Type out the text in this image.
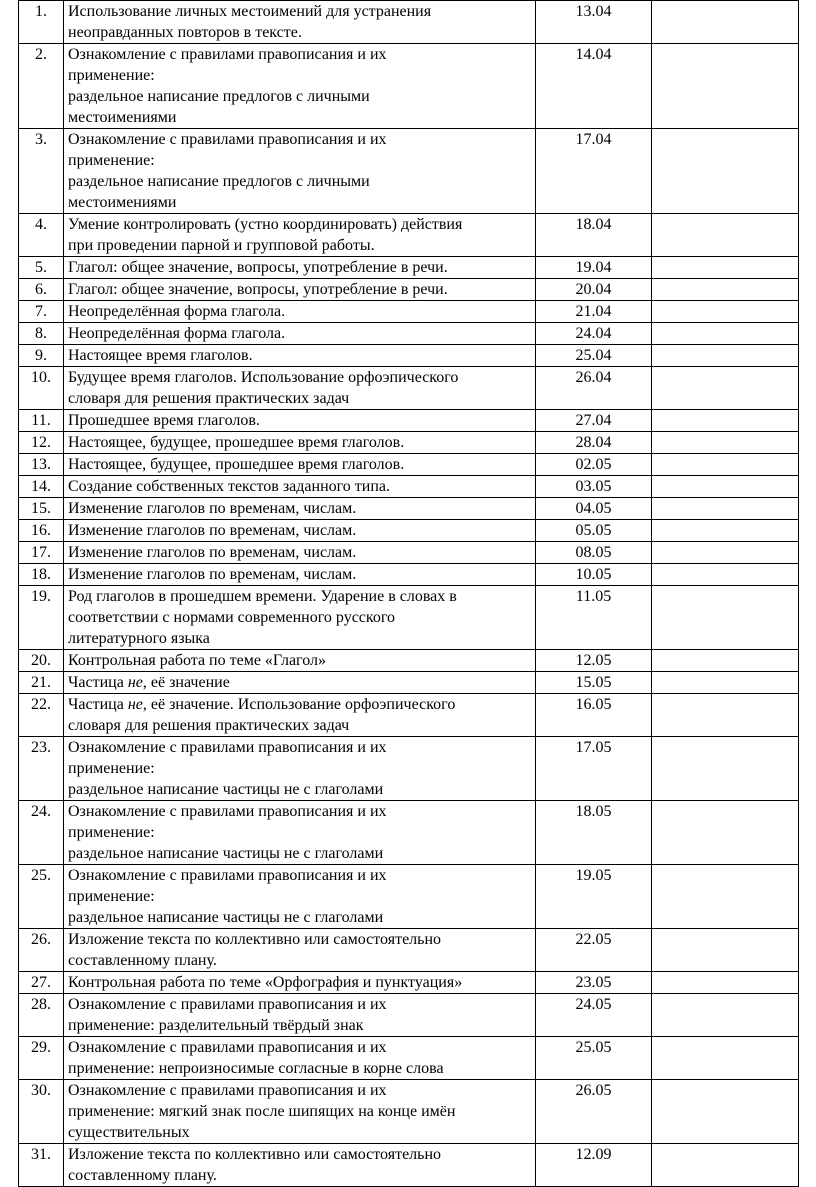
1.	Использование личных местоимений для устранения
неоправданных повторов в тексте.	13.04	
2.	Ознакомление с правилами правописания и их
применение:
раздельное написание предлогов с личными
местоимениями	14.04	
3.	Ознакомление с правилами правописания и их
применение:
раздельное написание предлогов с личными
местоимениями	17.04	
4.	Умение контролировать (устно координировать) действия
при проведении парной и групповой работы.	18.04	
5.	Глагол: общее значение, вопросы, употребление в речи.	19.04	
6.	Глагол: общее значение, вопросы, употребление в речи.	20.04	
7.	Неопределённая форма глагола.	21.04	
8.	Неопределённая форма глагола.	24.04	
9.	Настоящее время глаголов.	25.04	
10.	Будущее время глаголов. Использование орфоэпического
словаря для решения практических задач	26.04	
11.	Прошедшее время глаголов.	27.04	
12.	Настоящее, будущее, прошедшее время глаголов.	28.04	
13.	Настоящее, будущее, прошедшее время глаголов.	02.05	
14.	Создание собственных текстов заданного типа.	03.05	
15.	Изменение глаголов по временам, числам.	04.05	
16.	Изменение глаголов по временам, числам.	05.05	
17.	Изменение глаголов по временам, числам.	08.05	
18.	Изменение глаголов по временам, числам.	10.05	
19.	Род глаголов в прошедшем времени. Ударение в словах в
соответствии с нормами современного русского
литературного языка	11.05	
20.	Контрольная работа по теме «Глагол»	12.05	
21.	Частица не, её значение	15.05	
22.	Частица не, её значение. Использование орфоэпического
словаря для решения практических задач	16.05	
23.	Ознакомление с правилами правописания и их
применение:
раздельное написание частицы не с глаголами	17.05	
24.	Ознакомление с правилами правописания и их
применение:
раздельное написание частицы не с глаголами	18.05	
25.	Ознакомление с правилами правописания и их
применение:
раздельное написание частицы не с глаголами	19.05	
26.	Изложение текста по коллективно или самостоятельно
составленному плану.	22.05	
27.	Контрольная работа по теме «Орфография и пунктуация»	23.05	
28.	Ознакомление с правилами правописания и их
применение: разделительный твёрдый знак	24.05	
29.	Ознакомление с правилами правописания и их
применение: непроизносимые согласные в корне слова	25.05	
30.	Ознакомление с правилами правописания и их
применение: мягкий знак после шипящих на конце имён
существительных	26.05	
31.	Изложение текста по коллективно или самостоятельно
составленному плану.	12.09	
